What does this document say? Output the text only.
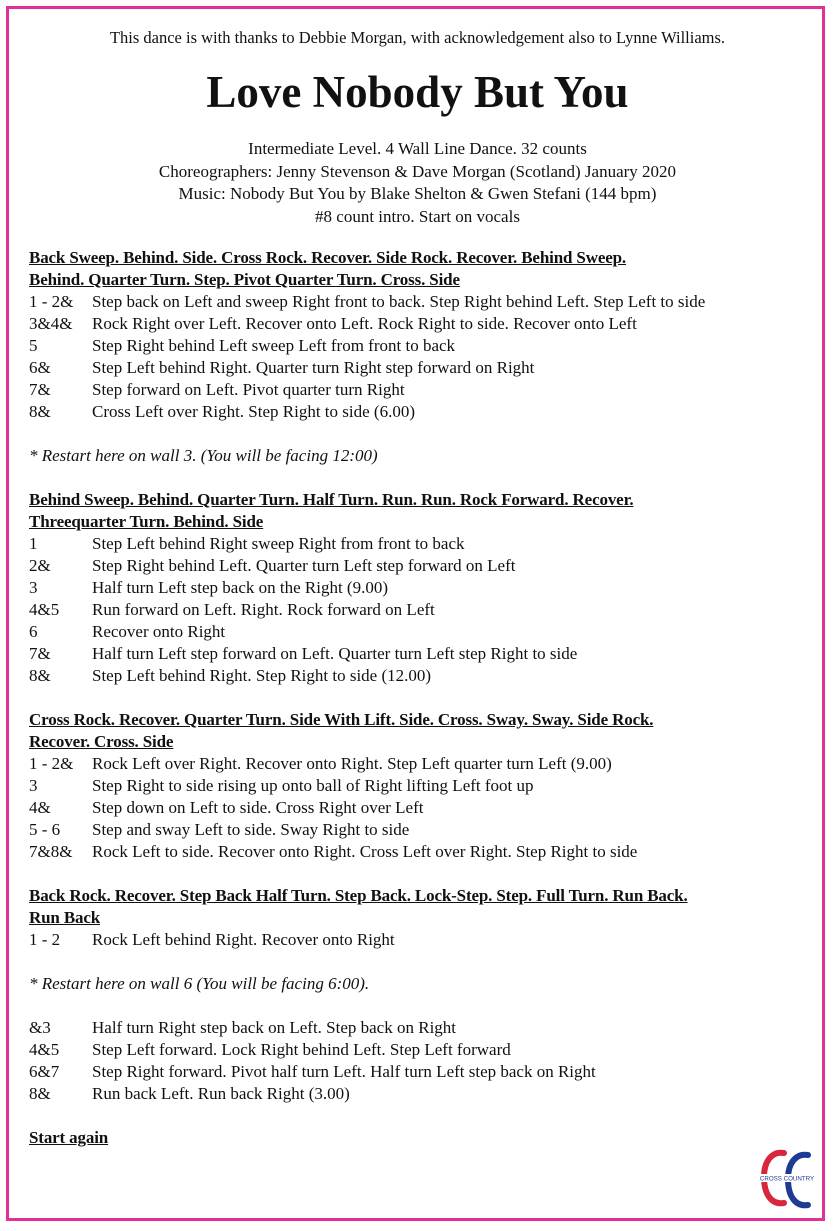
This dance is with thanks to Debbie Morgan, with acknowledgement also to Lynne Williams.
Love Nobody But You
Intermediate Level. 4 Wall Line Dance. 32 counts
Choreographers: Jenny Stevenson & Dave Morgan (Scotland) January 2020
Music: Nobody But You by Blake Shelton & Gwen Stefani (144 bpm)
#8 count intro. Start on vocals
Back Sweep. Behind. Side. Cross Rock. Recover. Side Rock. Recover. Behind Sweep.
Behind. Quarter Turn. Step. Pivot Quarter Turn. Cross. Side
1 - 2&	Step back on Left and sweep Right front to back. Step Right behind Left. Step Left to side
3&4&	Rock Right over Left. Recover onto Left. Rock Right to side. Recover onto Left
5	Step Right behind Left sweep Left from front to back
6&	Step Left behind Right. Quarter turn Right step forward on Right
7&	Step forward on Left. Pivot quarter turn Right
8&	Cross Left over Right. Step Right to side (6.00)
* Restart here on wall 3. (You will be facing 12:00)
Behind Sweep. Behind. Quarter Turn. Half Turn. Run. Run. Rock Forward. Recover.
Threequarter Turn. Behind. Side
1	Step Left behind Right sweep Right from front to back
2&	Step Right behind Left. Quarter turn Left step forward on Left
3	Half turn Left step back on the Right (9.00)
4&5	Run forward on Left. Right. Rock forward on Left
6	Recover onto Right
7&	Half turn Left step forward on Left. Quarter turn Left step Right to side
8&	Step Left behind Right. Step Right to side (12.00)
Cross Rock. Recover. Quarter Turn. Side With Lift. Side. Cross. Sway. Sway. Side Rock.
Recover. Cross. Side
1 - 2&	Rock Left over Right. Recover onto Right. Step Left quarter turn Left (9.00)
3	Step Right to side rising up onto ball of Right lifting Left foot up
4&	Step down on Left to side. Cross Right over Left
5 - 6	Step and sway Left to side. Sway Right to side
7&8&	Rock Left to side. Recover onto Right. Cross Left over Right. Step Right to side
Back Rock. Recover. Step Back Half Turn. Step Back. Lock-Step. Step. Full Turn. Run Back.
Run Back
1 - 2	Rock Left behind Right. Recover onto Right
* Restart here on wall 6 (You will be facing 6:00).
&3	Half turn Right step back on Left. Step back on Right
4&5	Step Left forward. Lock Right behind Left. Step Left forward
6&7	Step Right forward. Pivot half turn Left. Half turn Left step back on Right
8&	Run back Left. Run back Right (3.00)
Start again
CROSS COUNTRY
